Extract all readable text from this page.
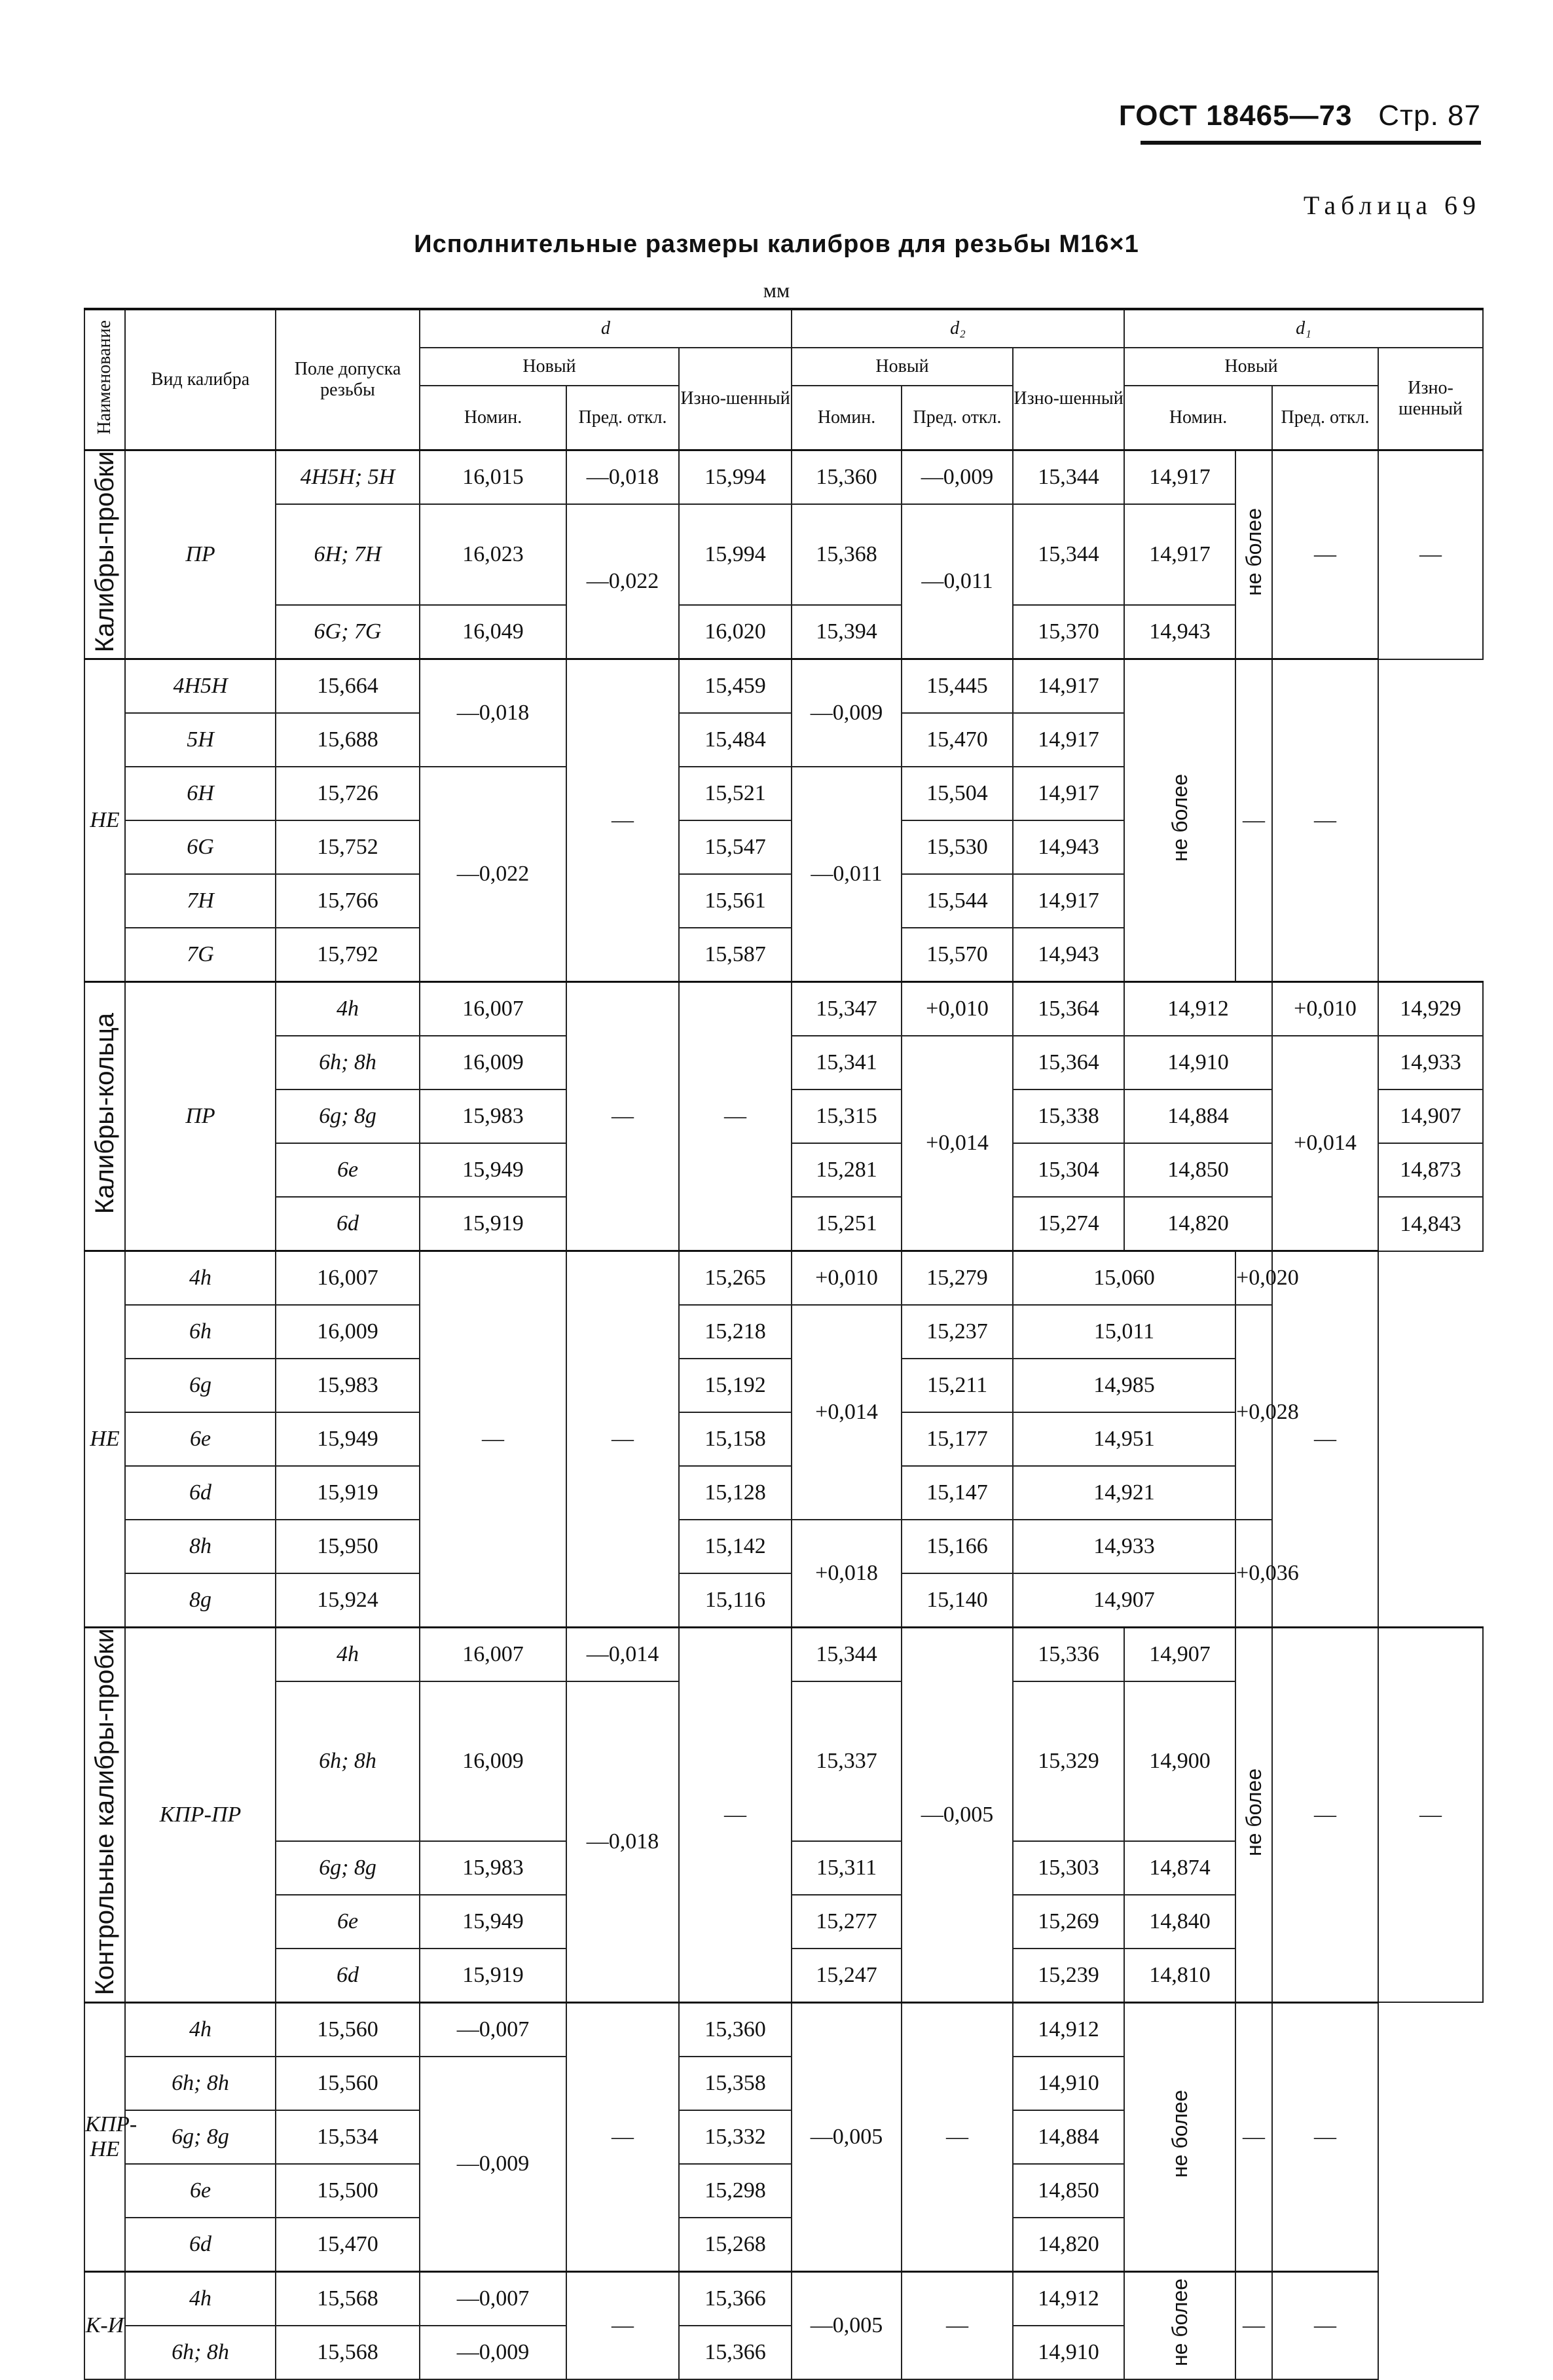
ГОСТ 18465—73 Стр. 87
Таблица 69
Исполнительные размеры калибров для резьбы M16×1
мм
Наименование	Вид калибра	Поле допуска резьбы	d			d₂			d₁			
			Новый		Изно-шенный	Новый		Изно-шенный	Новый			Изно-шенный
			Номин.	Пред. откл.		Номин.	Пред. откл.		Номин.		Пред. откл.	
Калибры-пробки	ПР	4H5H; 5H	16,015	—0,018	15,994	15,360	—0,009	15,344	14,917	не более	—	—
		6H; 7H	16,023	—0,022	15,994	15,368	—0,011	15,344	14,917			
		6G; 7G	16,049		16,020	15,394		15,370	14,943			
НЕ	4H5H	15,664	—0,018	—	15,459	—0,009	15,445	14,917	не более	—	—	
	5H	15,688			15,484		15,470	14,917				
	6H	15,726	—0,022		15,521	—0,011	15,504	14,917				
	6G	15,752			15,547		15,530	14,943				
	7H	15,766			15,561		15,544	14,917				
	7G	15,792			15,587		15,570	14,943				
Калибры-кольца	ПР	4h	16,007	—	—	15,347	+0,010	15,364	14,912		+0,010	14,929
		6h; 8h	16,009			15,341	+0,014	15,364	14,910		+0,014	14,933
		6g; 8g	15,983			15,315		15,338	14,884			14,907
		6e	15,949			15,281		15,304	14,850			14,873
		6d	15,919			15,251		15,274	14,820			14,843
НЕ	4h	16,007	—	—	15,265	+0,010	15,279	15,060		+0,020	—	
	6h	16,009			15,218	+0,014	15,237	15,011		+0,028		
	6g	15,983			15,192		15,211	14,985				
	6e	15,949			15,158		15,177	14,951				
	6d	15,919			15,128		15,147	14,921				
	8h	15,950			15,142	+0,018	15,166	14,933		+0,036		
	8g	15,924			15,116		15,140	14,907				
Контрольные калибры-пробки	КПР-ПР	4h	16,007	—0,014	—	15,344	—0,005	15,336	14,907	не более	—	—
		6h; 8h	16,009	—0,018		15,337		15,329	14,900			
		6g; 8g	15,983			15,311		15,303	14,874			
		6e	15,949			15,277		15,269	14,840			
		6d	15,919			15,247		15,239	14,810			
КПР-НЕ	4h	15,560	—0,007	—	15,360	—0,005	—	14,912	не более	—	—	
	6h; 8h	15,560	—0,009		15,358			14,910				
	6g; 8g	15,534			15,332			14,884				
	6e	15,500			15,298			14,850				
	6d	15,470			15,268			14,820				
К-И	4h	15,568	—0,007	—	15,366	—0,005	—	14,912	не более	—	—	
	6h; 8h	15,568	—0,009		15,366			14,910				
